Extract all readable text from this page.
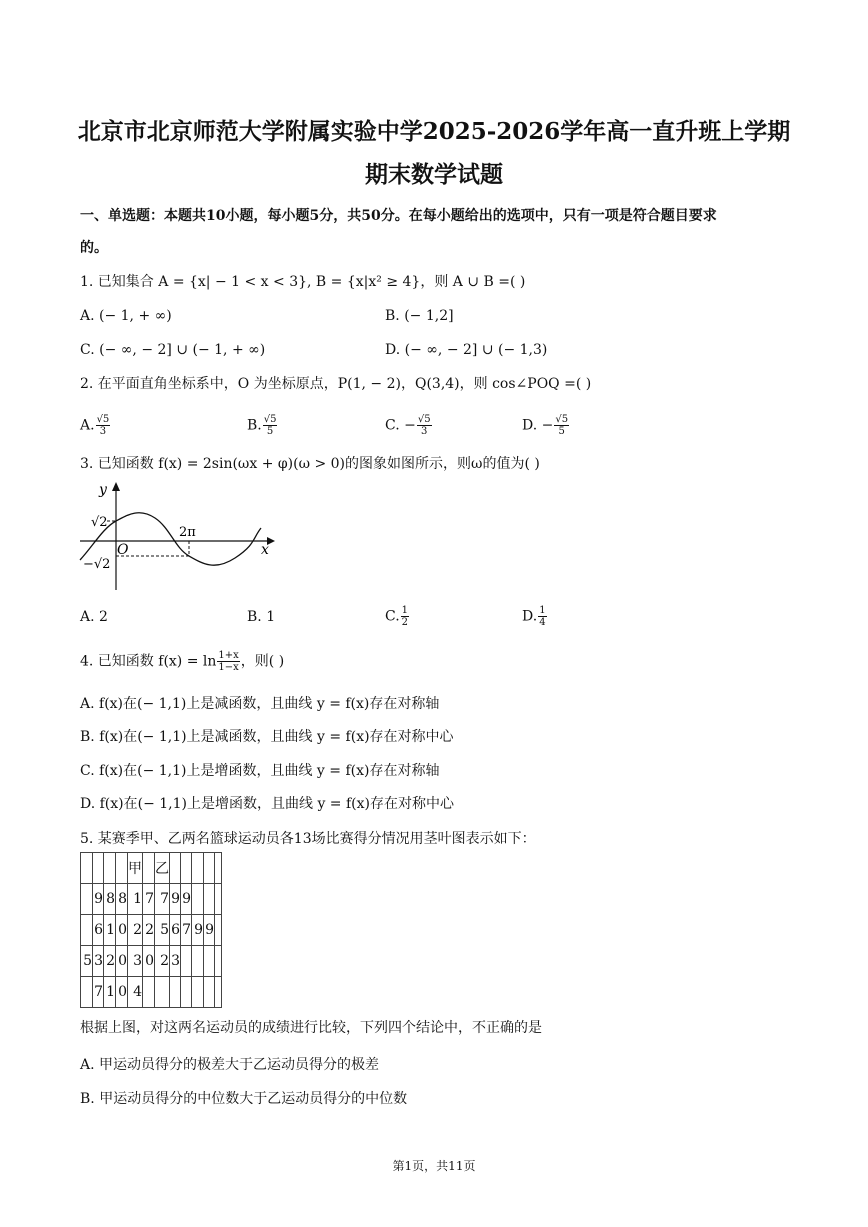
北京市北京师范大学附属实验中学2025-2026学年高一直升班上学期
期末数学试题
一、单选题：本题共10小题，每小题5分，共50分。在每小题给出的选项中，只有一项是符合题目要求
的。
1. 已知集合 A = {x| − 1 < x < 3}, B = {x|x² ≥ 4}，则 A ∪ B =( )
A. (− 1, + ∞)	B. (− 1,2]
C. (− ∞, − 2] ∪ (− 1, + ∞)	D. (− ∞, − 2] ∪ (− 1,3)
2. 在平面直角坐标系中，O 为坐标原点，P(1, − 2)，Q(3,4)，则 cos∠POQ =( )
A. $\frac{√5}{3}$	B. $\frac{√5}{5}$	C. − $\frac{√5}{3}$	D. − $\frac{√5}{5}$
3. 已知函数 f(x) = 2sin(ωx + φ)(ω > 0)的图象如图所示，则ω的值为( )
y
x
O
√2
−√2
2π
A. 2	B. 1	C. $\frac{1}{2}$	D. $\frac{1}{4}$
4. 已知函数 $f(x) = \ln \frac{1+x}{1-x}$ ，则( )
A. f(x)在(− 1,1)上是减函数，且曲线 y = f(x)存在对称轴
B. f(x)在(− 1,1)上是减函数，且曲线 y = f(x)存在对称中心
C. f(x)在(− 1,1)上是增函数，且曲线 y = f(x)存在对称轴
D. f(x)在(− 1,1)上是增函数，且曲线 y = f(x)存在对称中心
5. 某赛季甲、乙两名篮球运动员各13场比赛得分情况用茎叶图表示如下：
				甲		乙					
	9	8	8	1	7	7	9	9			
	6	1	0	2	2	5	6	7	9	9	
5	3	2	0	3	0	2	3				
	7	1	0	4							
根据上图，对这两名运动员的成绩进行比较，下列四个结论中，不正确的是
A. 甲运动员得分的极差大于乙运动员得分的极差
B. 甲运动员得分的中位数大于乙运动员得分的中位数
第1页，共11页
